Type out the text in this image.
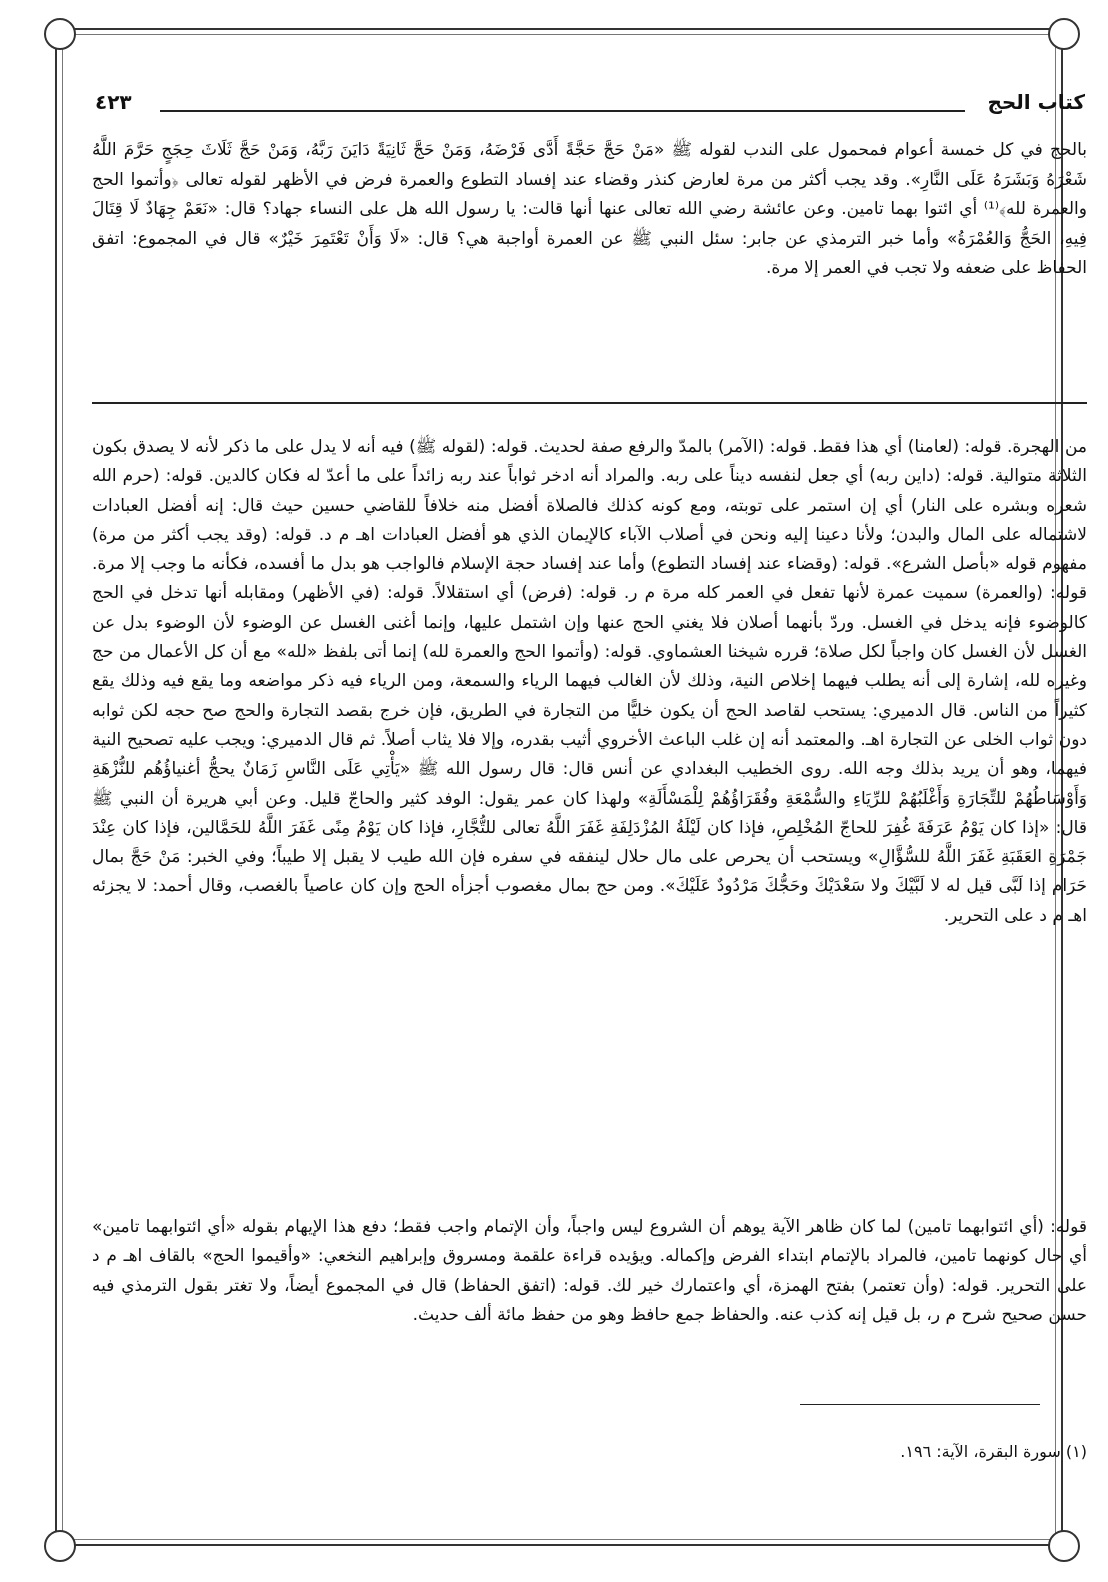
كتاب الحج
٤٢٣

بالحج في كل خمسة أعوام فمحمول على الندب لقوله ﷺ «مَنْ حَجَّ حَجَّةً أَدَّى فَرْضَهُ، وَمَنْ حَجَّ ثَانِيَةً دَايَنَ رَبَّهُ، وَمَنْ حَجَّ ثَلَاثَ حِجَجٍ حَرَّمَ اللَّهُ شَعْرَهُ وَبَشَرَهُ عَلَى النَّارِ». وقد يجب أكثر من مرة لعارض كنذر وقضاء عند إفساد التطوع والعمرة فرض في الأظهر لقوله تعالى ﴿وأتموا الحج والعمرة لله﴾⁽¹⁾ أي ائتوا بهما تامين. وعن عائشة رضي الله تعالى عنها أنها قالت: يا رسول الله هل على النساء جهاد؟ قال: «نَعَمْ جِهَادٌ لَا قِتَالَ فِيهِ، الحَجُّ وَالعُمْرَةُ» وأما خبر الترمذي عن جابر: سئل النبي ﷺ عن العمرة أواجبة هي؟ قال: «لَا وَأَنْ تَعْتَمِرَ خَيْرٌ» قال في المجموع: اتفق الحفاظ على ضعفه ولا تجب في العمر إلا مرة.

من الهجرة. قوله: (لعامنا) أي هذا فقط. قوله: (الآمر) بالمدّ والرفع صفة لحديث. قوله: (لقوله ﷺ) فيه أنه لا يدل على ما ذكر لأنه لا يصدق بكون الثلاثة متوالية. قوله: (داين ربه) أي جعل لنفسه ديناً على ربه. والمراد أنه ادخر ثواباً عند ربه زائداً على ما أعدّ له فكان كالدين. قوله: (حرم الله شعره وبشره على النار) أي إن استمر على توبته، ومع كونه كذلك فالصلاة أفضل منه خلافاً للقاضي حسين حيث قال: إنه أفضل العبادات لاشتماله على المال والبدن؛ ولأنا دعينا إليه ونحن في أصلاب الآباء كالإيمان الذي هو أفضل العبادات اهـ م د. قوله: (وقد يجب أكثر من مرة) مفهوم قوله «بأصل الشرع». قوله: (وقضاء عند إفساد التطوع) وأما عند إفساد حجة الإسلام فالواجب هو بدل ما أفسده، فكأنه ما وجب إلا مرة. قوله: (والعمرة) سميت عمرة لأنها تفعل في العمر كله مرة م ر. قوله: (فرض) أي استقلالاً. قوله: (في الأظهر) ومقابله أنها تدخل في الحج كالوضوء فإنه يدخل في الغسل. وردّ بأنهما أصلان فلا يغني الحج عنها وإن اشتمل عليها، وإنما أغنى الغسل عن الوضوء لأن الوضوء بدل عن الغسل لأن الغسل كان واجباً لكل صلاة؛ قرره شيخنا العشماوي. قوله: (وأتموا الحج والعمرة لله) إنما أتى بلفظ «لله» مع أن كل الأعمال من حج وغيره لله، إشارة إلى أنه يطلب فيهما إخلاص النية، وذلك لأن الغالب فيهما الرياء والسمعة، ومن الرياء فيه ذكر مواضعه وما يقع فيه وذلك يقع كثيراً من الناس. قال الدميري: يستحب لقاصد الحج أن يكون خليًّا من التجارة في الطريق، فإن خرج بقصد التجارة والحج صح حجه لكن ثوابه دون ثواب الخلى عن التجارة اهـ. والمعتمد أنه إن غلب الباعث الأخروي أثيب بقدره، وإلا فلا يثاب أصلاً. ثم قال الدميري: ويجب عليه تصحيح النية فيهما، وهو أن يريد بذلك وجه الله. روى الخطيب البغدادي عن أنس قال: قال رسول الله ﷺ «يَأْتِي عَلَى النَّاسِ زَمَانٌ يحجُّ أغنياؤُهُم للنُّزْهَةِ وَأَوْسَاطُهُمْ للتِّجَارَةِ وَأَغْلَبُهُمْ للرِّيَاءِ والسُّمْعَةِ وفُقَرَاؤُهُمْ لِلْمَسْأَلَةِ» ولهذا كان عمر يقول: الوفد كثير والحاجّ قليل. وعن أبي هريرة أن النبي ﷺ قال: «إذا كان يَوْمُ عَرَفَةَ غُفِرَ للحاجّ المُخْلِصِ، فإذا كان لَيْلَةُ المُزْدَلِفَةِ غَفَرَ اللَّهُ تعالى للتُّجَّارِ، فإذا كان يَوْمُ مِنًى غَفَرَ اللَّهُ للحَمَّالين، فإذا كان عِنْدَ جَمْرَةِ العَقَبَةِ غَفَرَ اللَّهُ للسُّؤَّالِ» ويستحب أن يحرص على مال حلال لينفقه في سفره فإن الله طيب لا يقبل إلا طيباً؛ وفي الخبر: مَنْ حَجَّ بمال حَرَام إذا لَبَّى قيل له لا لَبَّيْكَ ولا سَعْدَيْكَ وحَجُّكَ مَرْدُودٌ عَلَيْكَ». ومن حج بمال مغصوب أجزأه الحج وإن كان عاصياً بالغصب، وقال أحمد: لا يجزئه اهـ م د على التحرير.

قوله: (أي ائتوابهما تامين) لما كان ظاهر الآية يوهم أن الشروع ليس واجباً، وأن الإتمام واجب فقط؛ دفع هذا الإيهام بقوله «أي ائتوابهما تامين» أي حال كونهما تامين، فالمراد بالإتمام ابتداء الفرض وإكماله. ويؤيده قراءة علقمة ومسروق وإبراهيم النخعي: «وأقيموا الحج» بالقاف اهـ م د على التحرير. قوله: (وأن تعتمر) بفتح الهمزة، أي واعتمارك خير لك. قوله: (اتفق الحفاظ) قال في المجموع أيضاً، ولا تغتر بقول الترمذي فيه حسن صحيح شرح م ر، بل قيل إنه كذب عنه. والحفاظ جمع حافظ وهو من حفظ مائة ألف حديث.

(١) سورة البقرة، الآية: ١٩٦.
